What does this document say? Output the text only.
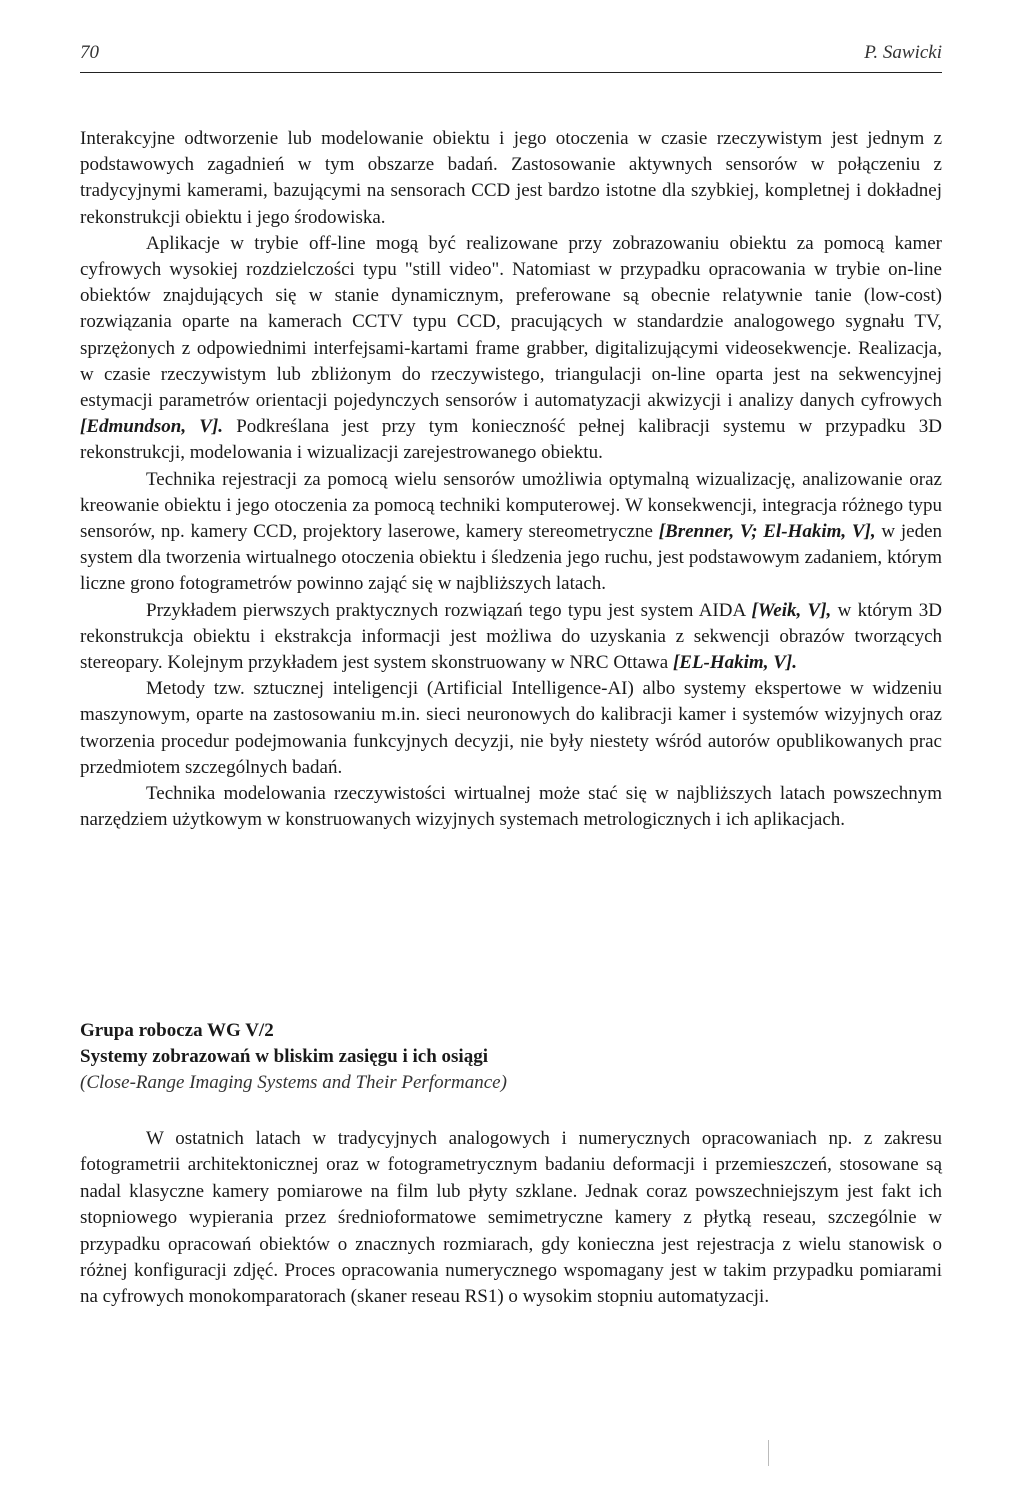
70	P. Sawicki

Interakcyjne odtworzenie lub modelowanie obiektu i jego otoczenia w czasie rzeczywistym jest jednym z podstawowych zagadnień w tym obszarze badań. Zastosowanie aktywnych sensorów w połączeniu z tradycyjnymi kamerami, bazującymi na sensorach CCD jest bardzo istotne dla szybkiej, kompletnej i dokładnej rekonstrukcji obiektu i jego środowiska.

Aplikacje w trybie off-line mogą być realizowane przy zobrazowaniu obiektu za pomocą kamer cyfrowych wysokiej rozdzielczości typu "still video". Natomiast w przypadku opracowania w trybie on-line obiektów znajdujących się w stanie dynamicznym, preferowane są obecnie relatywnie tanie (low-cost) rozwiązania oparte na kamerach CCTV typu CCD, pracujących w standardzie analogowego sygnału TV, sprzężonych z odpowiednimi interfejsami-kartami frame grabber, digitalizującymi videosekwencje. Realizacja, w czasie rzeczywistym lub zbliżonym do rzeczywistego, triangulacji on-line oparta jest na sekwencyjnej estymacji parametrów orientacji pojedynczych sensorów i automatyzacji akwizycji i analizy danych cyfrowych [Edmundson, V]. Podkreślana jest przy tym konieczność pełnej kalibracji systemu w przypadku 3D rekonstrukcji, modelowania i wizualizacji zarejestrowanego obiektu.

Technika rejestracji za pomocą wielu sensorów umożliwia optymalną wizualizację, analizowanie oraz kreowanie obiektu i jego otoczenia za pomocą techniki komputerowej. W konsekwencji, integracja różnego typu sensorów, np. kamery CCD, projektory laserowe, kamery stereometryczne [Brenner, V; El-Hakim, V], w jeden system dla tworzenia wirtualnego otoczenia obiektu i śledzenia jego ruchu, jest podstawowym zadaniem, którym liczne grono fotogrametrów powinno zająć się w najbliższych latach.

Przykładem pierwszych praktycznych rozwiązań tego typu jest system AIDA [Weik, V], w którym 3D rekonstrukcja obiektu i ekstrakcja informacji jest możliwa do uzyskania z sekwencji obrazów tworzących stereopary. Kolejnym przykładem jest system skonstruowany w NRC Ottawa [EL-Hakim, V].

Metody tzw. sztucznej inteligencji (Artificial Intelligence-AI) albo systemy ekspertowe w widzeniu maszynowym, oparte na zastosowaniu m.in. sieci neuronowych do kalibracji kamer i systemów wizyjnych oraz tworzenia procedur podejmowania funkcyjnych decyzji, nie były niestety wśród autorów opublikowanych prac przedmiotem szczególnych badań.

Technika modelowania rzeczywistości wirtualnej może stać się w najbliższych latach powszechnym narzędziem użytkowym w konstruowanych wizyjnych systemach metrologicznych i ich aplikacjach.

Grupa robocza WG V/2

Systemy zobrazowań w bliskim zasięgu i ich osiągi

(Close-Range Imaging Systems and Their Performance)

W ostatnich latach w tradycyjnych analogowych i numerycznych opracowaniach np. z zakresu fotogrametrii architektonicznej oraz w fotogrametrycznym badaniu deformacji i przemieszczeń, stosowane są nadal klasyczne kamery pomiarowe na film lub płyty szklane. Jednak coraz powszechniejszym jest fakt ich stopniowego wypierania przez średnioformatowe semimetryczne kamery z płytką reseau, szczególnie w przypadku opracowań obiektów o znacznych rozmiarach, gdy konieczna jest rejestracja z wielu stanowisk o różnej konfiguracji zdjęć. Proces opracowania numerycznego wspomagany jest w takim przypadku pomiarami na cyfrowych monokomparatorach (skaner reseau RS1) o wysokim stopniu automatyzacji.
